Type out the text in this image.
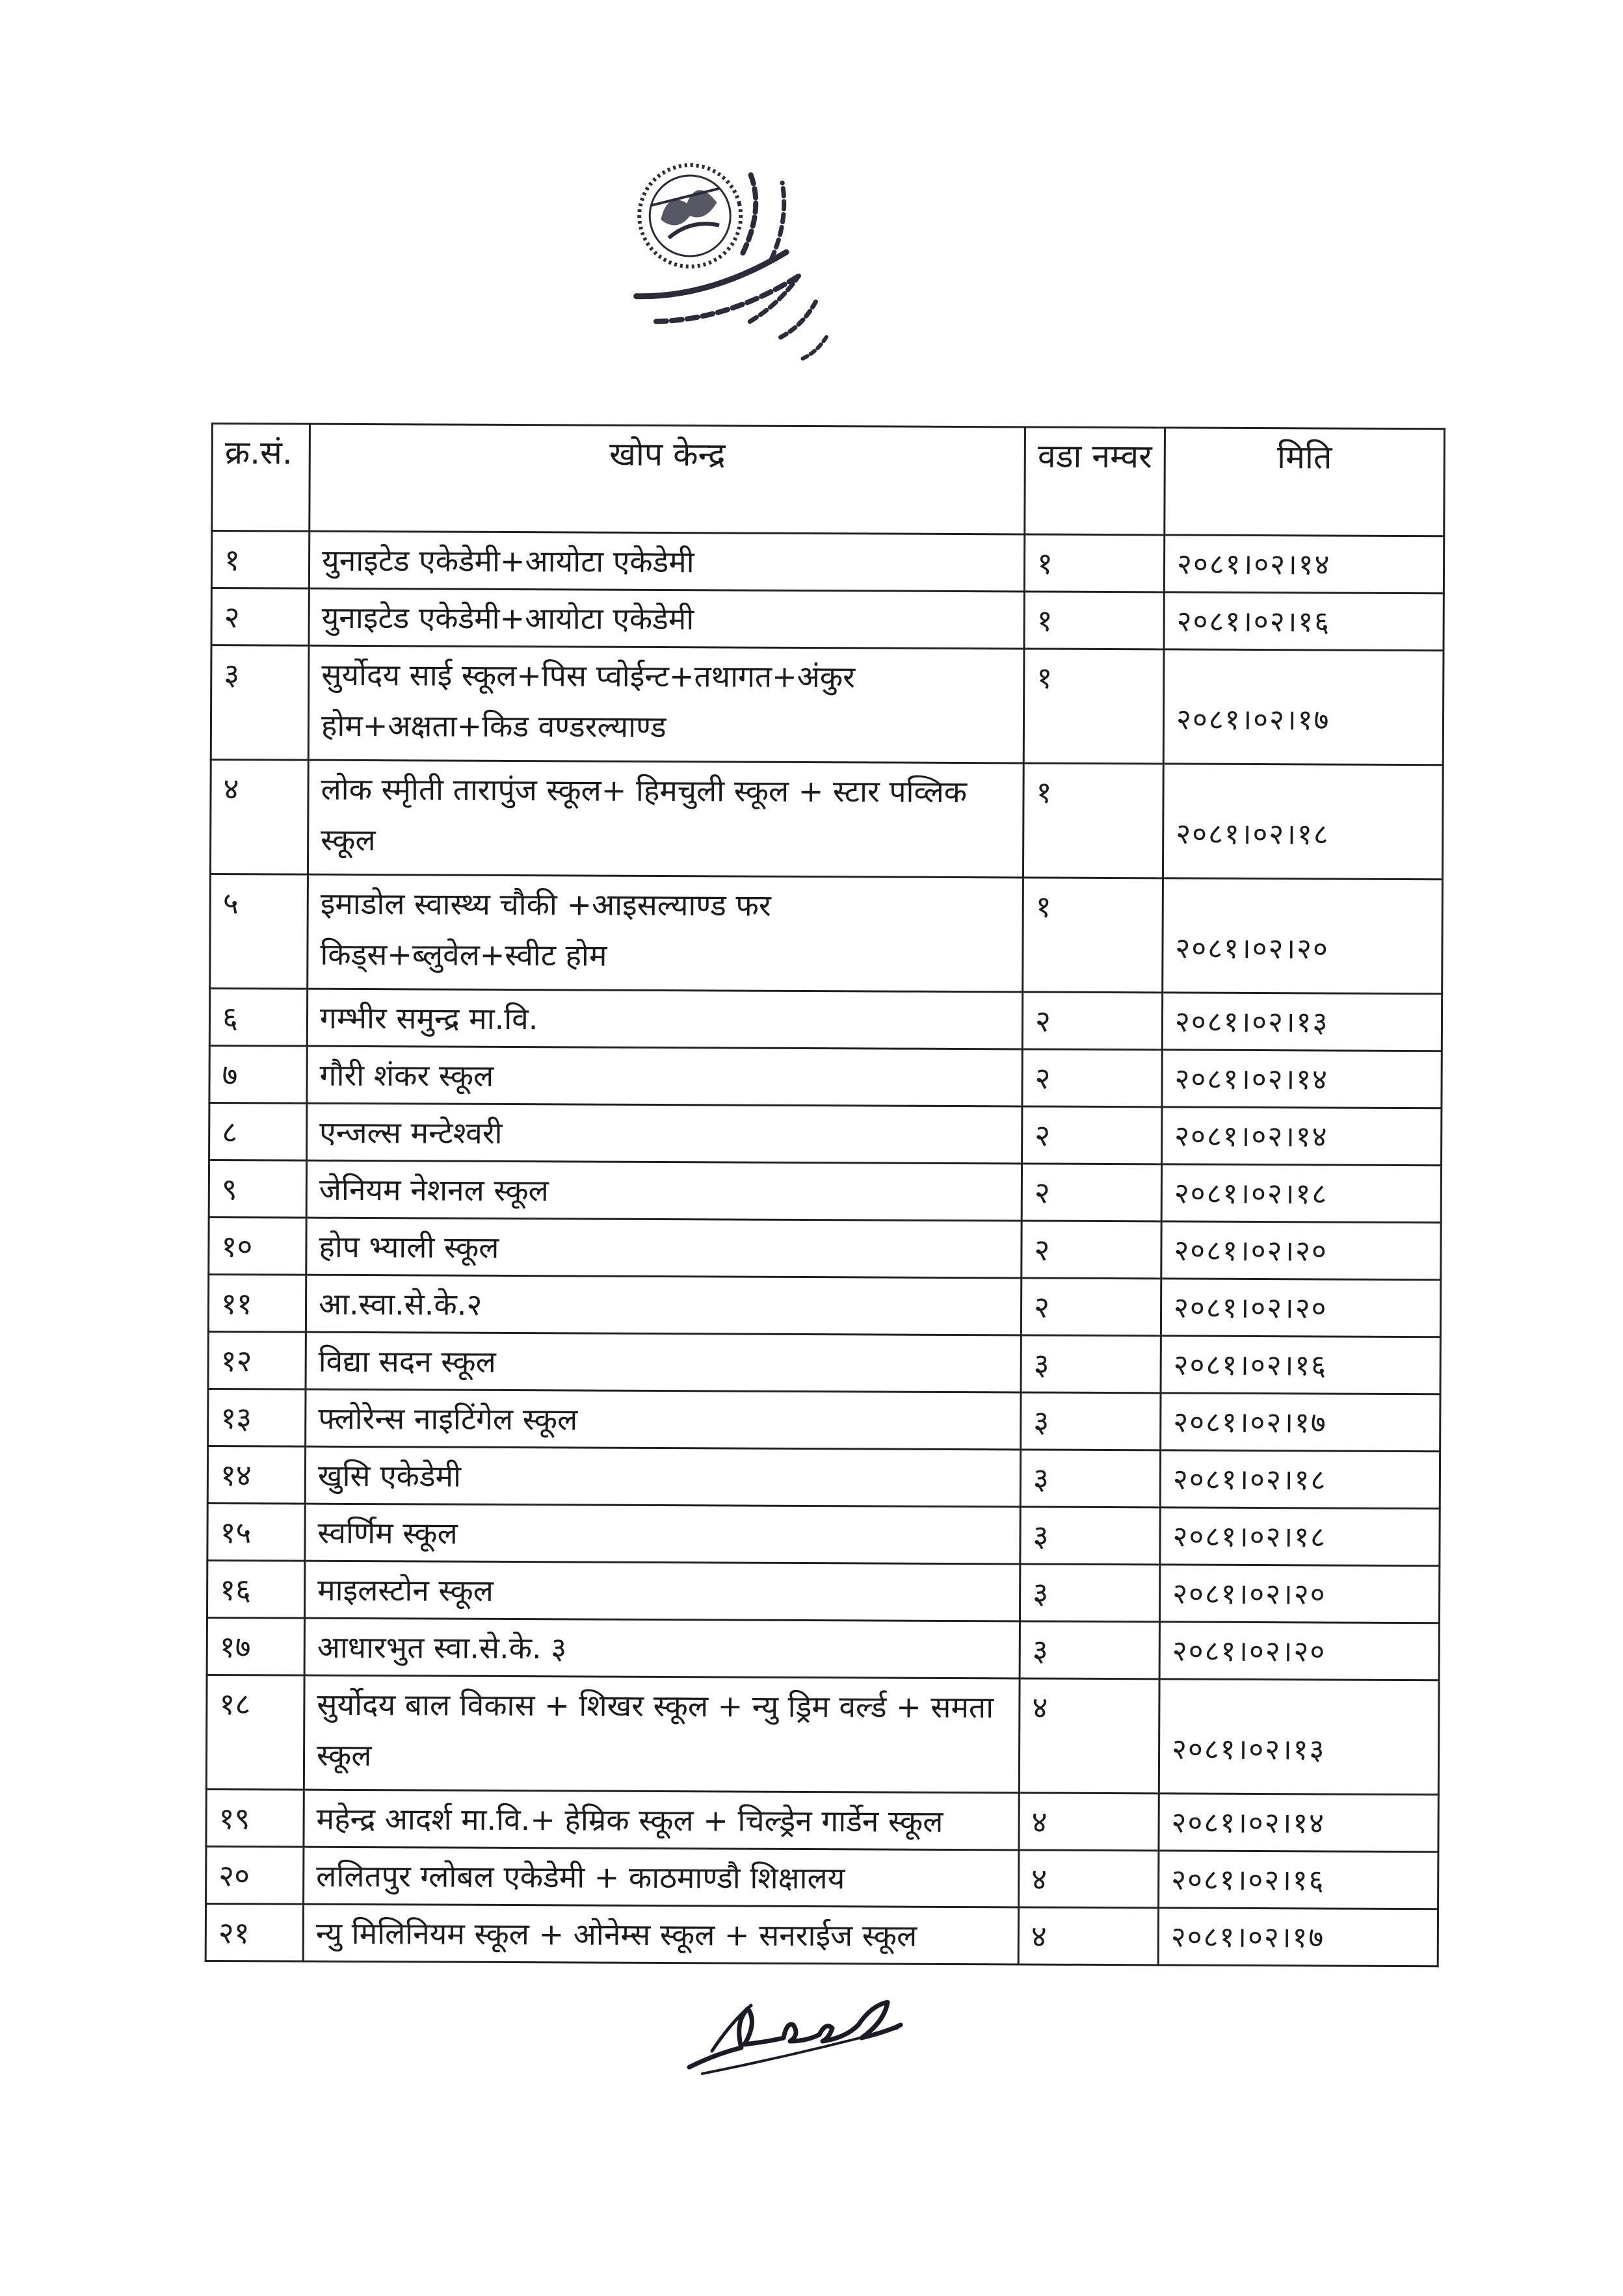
क्र.सं.	खोप केन्द्र	वडा नम्वर	मिति
१	युनाइटेड एकेडेमी+आयोटा एकेडेमी	१	२०८१।०२।१४
२	युनाइटेड एकेडेमी+आयोटा एकेडेमी	१	२०८१।०२।१६
३	सुर्योदय साई स्कूल+पिस प्वोईन्ट+तथागत+अंकुर होम+अक्षता+किड वण्डरल्याण्ड	१	२०८१।०२।१७
४	लोक स्मृीती तारापुंज स्कूल+ हिमचुली स्कूल + स्टार पव्लिक स्कूल	१	२०८१।०२।१८
५	इमाडोल स्वास्थ्य चौकी +आइसल्याण्ड फर किड्स+ब्लुवेल+स्वीट होम	१	२०८१।०२।२०
६	गम्भीर समुन्द्र मा.वि.	२	२०८१।०२।१३
७	गौरी शंकर स्कूल	२	२०८१।०२।१४
८	एन्जल्स मन्टेश्वरी	२	२०८१।०२।१४
९	जेनियम नेशनल स्कूल	२	२०८१।०२।१८
१०	होप भ्याली स्कूल	२	२०८१।०२।२०
११	आ.स्वा.से.के.२	२	२०८१।०२।२०
१२	विद्या सदन स्कूल	३	२०८१।०२।१६
१३	फ्लोरेन्स नाइटिंगेल स्कूल	३	२०८१।०२।१७
१४	खुसि एकेडेमी	३	२०८१।०२।१८
१५	स्वर्णिम स्कूल	३	२०८१।०२।१८
१६	माइलस्टोन स्कूल	३	२०८१।०२।२०
१७	आधारभुत स्वा.से.के. ३	३	२०८१।०२।२०
१८	सुर्योदय बाल विकास + शिखर स्कूल + न्यु ड्रिम वर्ल्ड + समता स्कूल	४	२०८१।०२।१३
१९	महेन्द्र आदर्श मा.वि.+ हेम्रिक स्कूल + चिल्ड्रेन गार्डेन स्कूल	४	२०८१।०२।१४
२०	ललितपुर ग्लोबल एकेडेमी + काठमाण्डौ शिक्षालय	४	२०८१।०२।१६
२१	न्यु मिलिनियम स्कूल + ओनेम्स स्कूल + सनराईज स्कूल	४	२०८१।०२।१७
